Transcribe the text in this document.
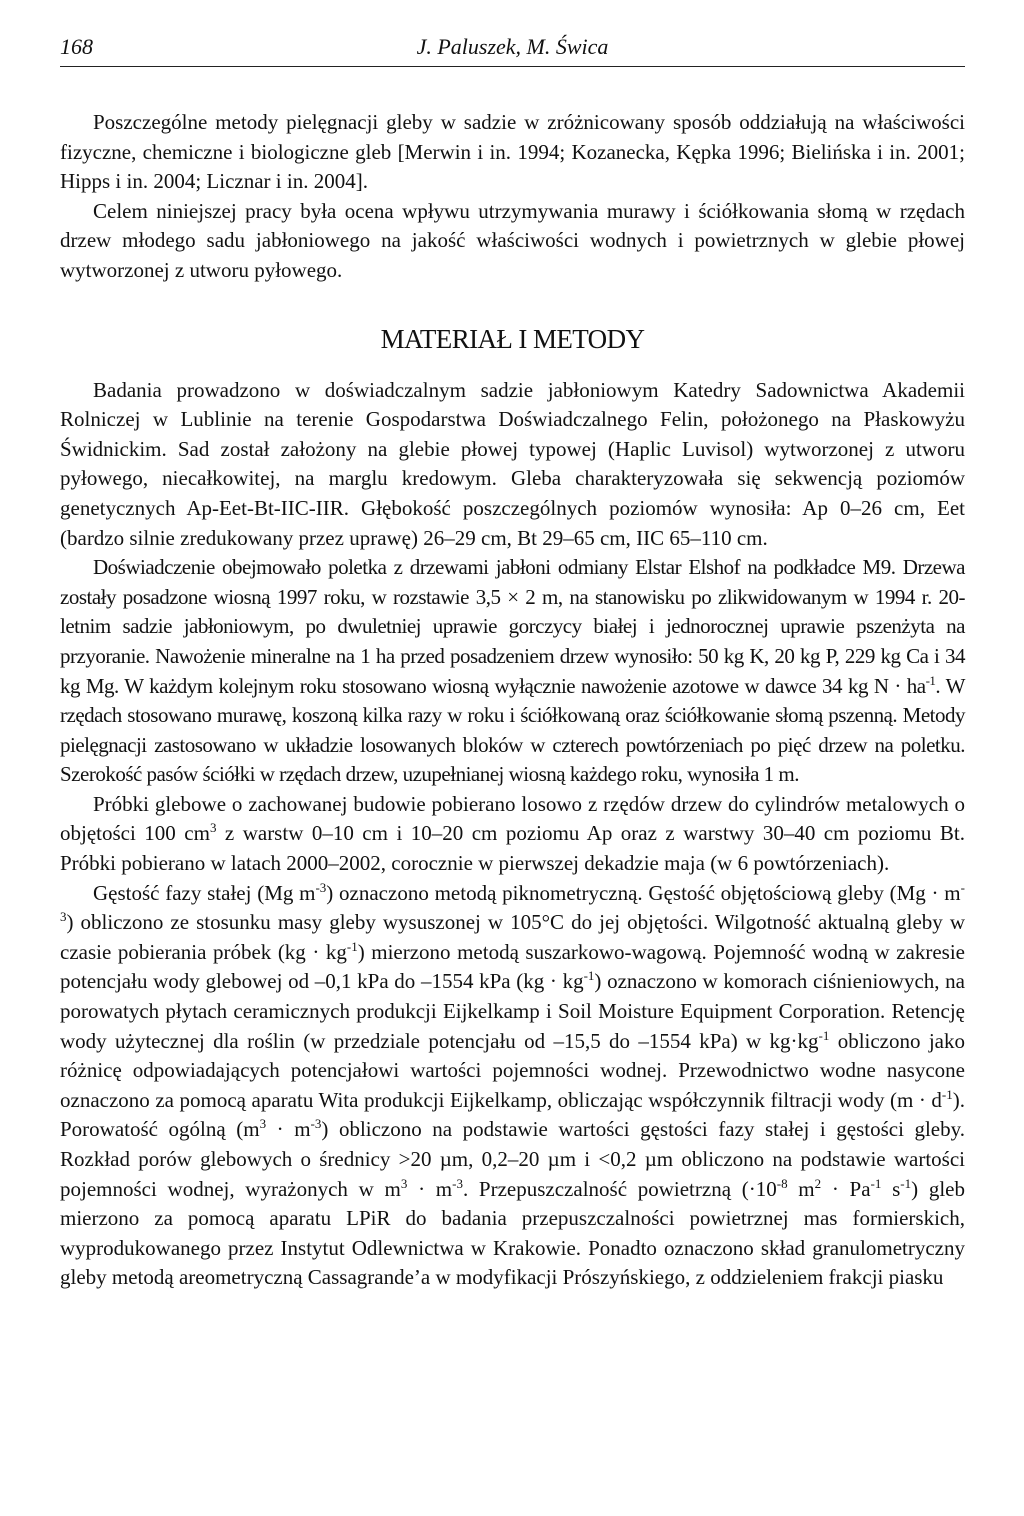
168	J. Paluszek, M. Świca

Poszczególne metody pielęgnacji gleby w sadzie w zróżnicowany sposób oddziałują na właściwości fizyczne, chemiczne i biologiczne gleb [Merwin i in. 1994; Kozanecka, Kępka 1996; Bielińska i in. 2001; Hipps i in. 2004; Licznar i in. 2004].

Celem niniejszej pracy była ocena wpływu utrzymywania murawy i ściółkowania słomą w rzędach drzew młodego sadu jabłoniowego na jakość właściwości wodnych i powietrznych w glebie płowej wytworzonej z utworu pyłowego.

MATERIAŁ I METODY

Badania prowadzono w doświadczalnym sadzie jabłoniowym Katedry Sadownictwa Akademii Rolniczej w Lublinie na terenie Gospodarstwa Doświadczalnego Felin, położonego na Płaskowyżu Świdnickim. Sad został założony na glebie płowej typowej (Haplic Luvisol) wytworzonej z utworu pyłowego, niecałkowitej, na marglu kredowym. Gleba charakteryzowała się sekwencją poziomów genetycznych Ap-Eet-Bt-IIC-IIR. Głębokość poszczególnych poziomów wynosiła: Ap 0–26 cm, Eet (bardzo silnie zredukowany przez uprawę) 26–29 cm, Bt 29–65 cm, IIC 65–110 cm.

Doświadczenie obejmowało poletka z drzewami jabłoni odmiany Elstar Elshof na podkładce M9. Drzewa zostały posadzone wiosną 1997 roku, w rozstawie 3,5 × 2 m, na stanowisku po zlikwidowanym w 1994 r. 20-letnim sadzie jabłoniowym, po dwuletniej uprawie gorczycy białej i jednorocznej uprawie pszenżyta na przyoranie. Nawożenie mineralne na 1 ha przed posadzeniem drzew wynosiło: 50 kg K, 20 kg P, 229 kg Ca i 34 kg Mg. W każdym kolejnym roku stosowano wiosną wyłącznie nawożenie azotowe w dawce 34 kg $N \cdot ha^{-1}$. W rzędach stosowano murawę, koszoną kilka razy w roku i ściółkowaną oraz ściółkowanie słomą pszenną. Metody pielęgnacji zastosowano w układzie losowanych bloków w czterech powtórzeniach po pięć drzew na poletku. Szerokość pasów ściółki w rzędach drzew, uzupełnianej wiosną każdego roku, wynosiła 1 m.

Próbki glebowe o zachowanej budowie pobierano losowo z rzędów drzew do cylindrów metalowych o objętości 100 $cm^3$ z warstw 0–10 cm i 10–20 cm poziomu Ap oraz z warstwy 30–40 cm poziomu Bt. Próbki pobierano w latach 2000–2002, corocznie w pierwszej dekadzie maja (w 6 powtórzeniach).

Gęstość fazy stałej (Mg $m^{-3}$) oznaczono metodą piknometryczną. Gęstość objętościową gleby $(Mg \cdot m^{-3})$ obliczono ze stosunku masy gleby wysuszonej w 105°C do jej objętości. Wilgotność aktualną gleby w czasie pobierania próbek $(kg \cdot kg^{-1})$ mierzono metodą suszarkowo-wagową. Pojemność wodną w zakresie potencjału wody glebowej od –0,1 kPa do –1554 kPa $(kg \cdot kg^{-1})$ oznaczono w komorach ciśnieniowych, na porowatych płytach ceramicznych produkcji Eijkelkamp i Soil Moisture Equipment Corporation. Retencję wody użytecznej dla roślin (w przedziale potencjału od –15,5 do –1554 kPa) w $kg\cdot kg^{-1}$ obliczono jako różnicę odpowiadających potencjałowi wartości pojemności wodnej. Przewodnictwo wodne nasycone oznaczono za pomocą aparatu Wita produkcji Eijkelkamp, obliczając współczynnik filtracji wody $(m \cdot d^{-1})$. Porowatość ogólną $(m^3 \cdot m^{-3})$ obliczono na podstawie wartości gęstości fazy stałej i gęstości gleby. Rozkład porów glebowych o średnicy >20 µm, 0,2–20 µm i <0,2 µm obliczono na podstawie wartości pojemności wodnej, wyrażonych w $m^3 \cdot m^{-3}$. Przepuszczalność powietrzną ($\cdot 10^{-8}$ $m^2 \cdot Pa^{-1}$ $s^{-1}$) gleb mierzono za pomocą aparatu LPiR do badania przepuszczalności powietrznej mas formierskich, wyprodukowanego przez Instytut Odlewnictwa w Krakowie. Ponadto oznaczono skład granulometryczny gleby metodą areometryczną Cassagrande’a w modyfikacji Prószyńskiego, z oddzieleniem frakcji piasku
